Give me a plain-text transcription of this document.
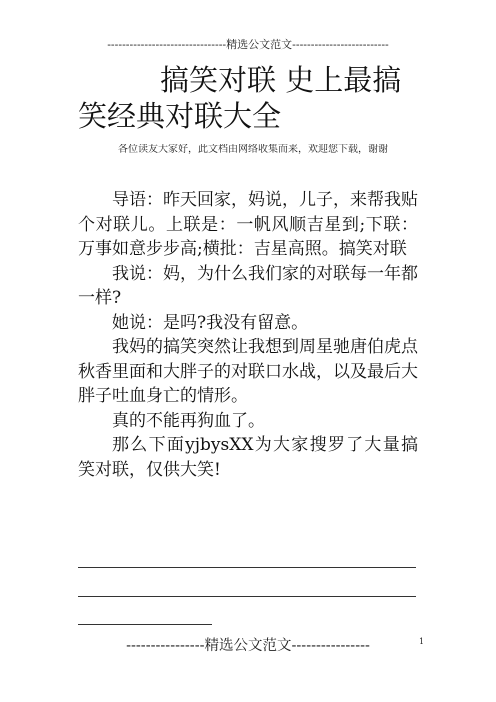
--------------------------------精选公文范文--------------------------
搞笑对联 史上最搞
笑经典对联大全
各位读友大家好，此文档由网络收集而来，欢迎您下载，谢谢

导语：昨天回家，妈说，儿子，来帮我贴个对联儿。上联是：一帆风顺吉星到;下联：万事如意步步高;横批：吉星高照。搞笑对联

我说：妈，为什么我们家的对联每一年都一样?

她说：是吗?我没有留意。

我妈的搞笑突然让我想到周星驰唐伯虎点秋香里面和大胖子的对联口水战，以及最后大胖子吐血身亡的情形。

真的不能再狗血了。

那么下面yjbysXX为大家搜罗了大量搞笑对联，仅供大笑!

----------------精选公文范文----------------	1
